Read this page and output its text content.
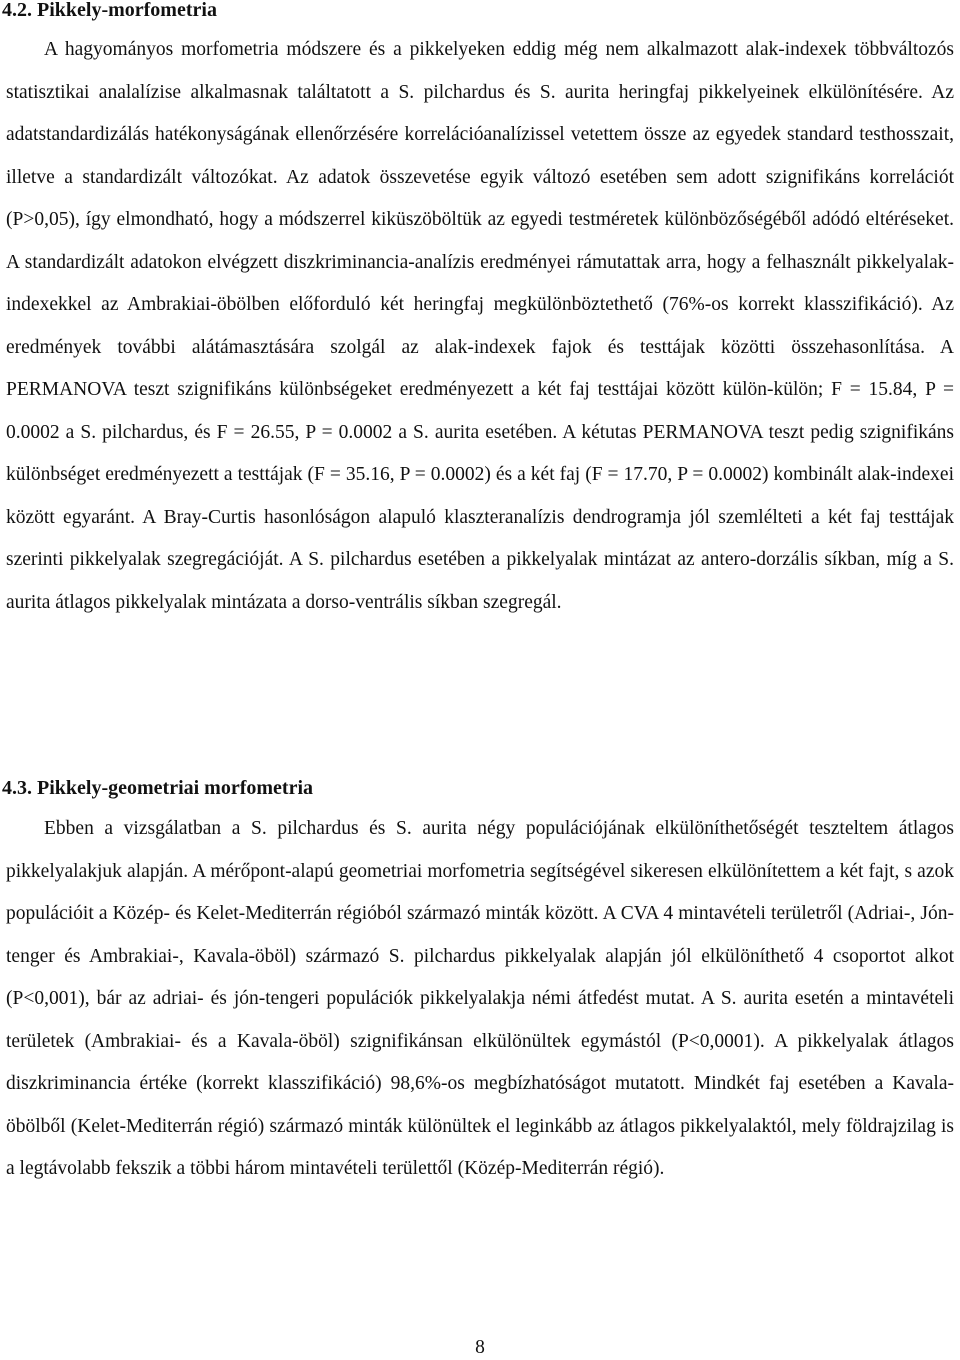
4.2. Pikkely-morfometria

A hagyományos morfometria módszere és a pikkelyeken eddig még nem alkalmazott alak-indexek többváltozós statisztikai analalízise alkalmasnak találtatott a S. pilchardus és S. aurita heringfaj pikkelyeinek elkülönítésére. Az adatstandardizálás hatékonyságának ellenőrzésére korrelációanalízissel vetettem össze az egyedek standard testhosszait, illetve a standardizált változókat. Az adatok összevetése egyik változó esetében sem adott szignifikáns korrelációt (P>0,05), így elmondható, hogy a módszerrel kiküszöböltük az egyedi testméretek különbözőségéből adódó eltéréseket. A standardizált adatokon elvégzett diszkriminancia-analízis eredményei rámutattak arra, hogy a felhasznált pikkelyalak-indexekkel az Ambrakiai-öbölben előforduló két heringfaj megkülönböztethető (76%-os korrekt klasszifikáció). Az eredmények további alátámasztására szolgál az alak-indexek fajok és testtájak közötti összehasonlítása. A PERMANOVA teszt szignifikáns különbségeket eredményezett a két faj testtájai között külön-külön; F = 15.84, P = 0.0002 a S. pilchardus, és F = 26.55, P = 0.0002 a S. aurita esetében. A kétutas PERMANOVA teszt pedig szignifikáns különbséget eredményezett a testtájak (F = 35.16, P = 0.0002) és a két faj (F = 17.70, P = 0.0002) kombinált alak-indexei között egyaránt. A Bray-Curtis hasonlóságon alapuló klaszteranalízis dendrogramja jól szemlélteti a két faj testtájak szerinti pikkelyalak szegregációját. A S. pilchardus esetében a pikkelyalak mintázat az antero-dorzális síkban, míg a S. aurita átlagos pikkelyalak mintázata a dorso-ventrális síkban szegregál.

4.3. Pikkely-geometriai morfometria

Ebben a vizsgálatban a S. pilchardus és S. aurita négy populációjának elkülöníthetőségét teszteltem átlagos pikkelyalakjuk alapján. A mérőpont-alapú geometriai morfometria segítségével sikeresen elkülönítettem a két fajt, s azok populációit a Közép- és Kelet-Mediterrán régióból származó minták között. A CVA 4 mintavételi területről (Adriai-, Jón-tenger és Ambrakiai-, Kavala-öböl) származó S. pilchardus pikkelyalak alapján jól elkülöníthető 4 csoportot alkot (P<0,001), bár az adriai- és jón-tengeri populációk pikkelyalakja némi átfedést mutat. A S. aurita esetén a mintavételi területek (Ambrakiai- és a Kavala-öböl) szignifikánsan elkülönültek egymástól (P<0,0001). A pikkelyalak átlagos diszkriminancia értéke (korrekt klasszifikáció) 98,6%-os megbízhatóságot mutatott. Mindkét faj esetében a Kavala-öbölből (Kelet-Mediterrán régió) származó minták különültek el leginkább az átlagos pikkelyalaktól, mely földrajzilag is a legtávolabb fekszik a többi három mintavételi területtől (Közép-Mediterrán régió).

8
